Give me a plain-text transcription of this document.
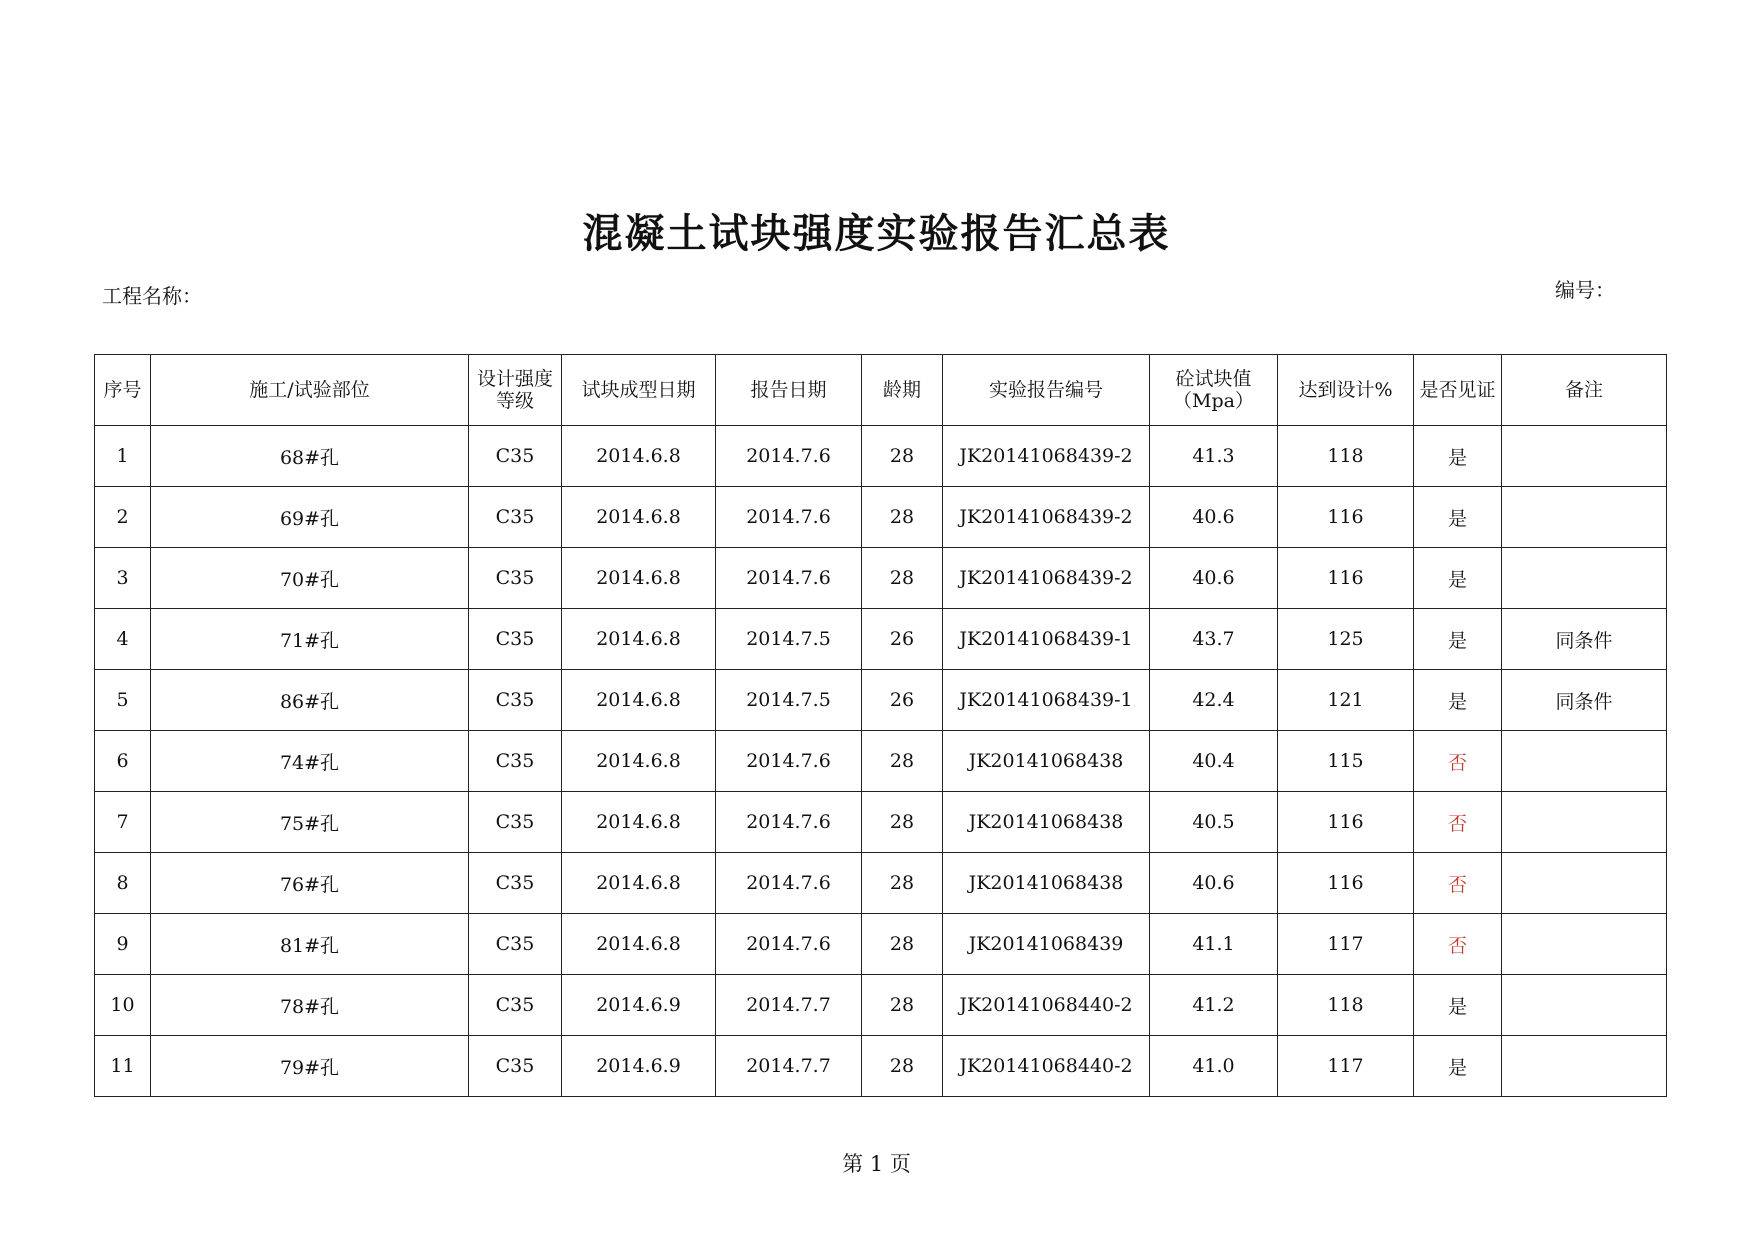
混凝土试块强度实验报告汇总表
工程名称：	编号：
序号	施工/试验部位	设计强度等级	试块成型日期	报告日期	龄期	实验报告编号	砼试块值（Mpa）	达到设计%	是否见证	备注
1	68#孔	C35	2014.6.8	2014.7.6	28	JK20141068439-2	41.3	118	是	
2	69#孔	C35	2014.6.8	2014.7.6	28	JK20141068439-2	40.6	116	是	
3	70#孔	C35	2014.6.8	2014.7.6	28	JK20141068439-2	40.6	116	是	
4	71#孔	C35	2014.6.8	2014.7.5	26	JK20141068439-1	43.7	125	是	同条件
5	86#孔	C35	2014.6.8	2014.7.5	26	JK20141068439-1	42.4	121	是	同条件
6	74#孔	C35	2014.6.8	2014.7.6	28	JK20141068438	40.4	115	否	
7	75#孔	C35	2014.6.8	2014.7.6	28	JK20141068438	40.5	116	否	
8	76#孔	C35	2014.6.8	2014.7.6	28	JK20141068438	40.6	116	否	
9	81#孔	C35	2014.6.8	2014.7.6	28	JK20141068439	41.1	117	否	
10	78#孔	C35	2014.6.9	2014.7.7	28	JK20141068440-2	41.2	118	是	
11	79#孔	C35	2014.6.9	2014.7.7	28	JK20141068440-2	41.0	117	是	
第 1 页
